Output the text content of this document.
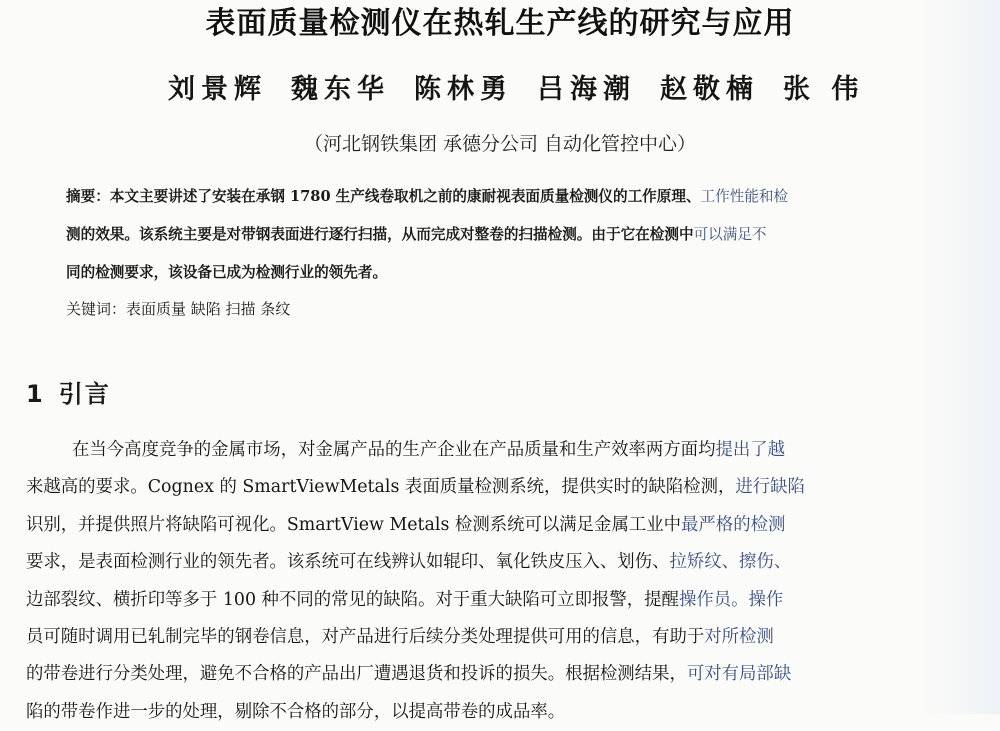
表面质量检测仪在热轧生产线的研究与应用
刘景辉 魏东华 陈林勇 吕海潮 赵敬楠 张 伟
（河北钢铁集团 承德分公司 自动化管控中心）
摘要：本文主要讲述了安装在承钢 1780 生产线卷取机之前的康耐视表面质量检测仪的工作原理、工作性能和检
测的效果。该系统主要是对带钢表面进行逐行扫描，从而完成对整卷的扫描检测。由于它在检测中可以满足不
同的检测要求，该设备已成为检测行业的领先者。
关键词：表面质量 缺陷 扫描 条纹
1 引言
在当今高度竞争的金属市场，对金属产品的生产企业在产品质量和生产效率两方面均提出了越
来越高的要求。Cognex 的 SmartViewMetals 表面质量检测系统，提供实时的缺陷检测，进行缺陷
识别，并提供照片将缺陷可视化。SmartView Metals 检测系统可以满足金属工业中最严格的检测
要求，是表面检测行业的领先者。该系统可在线辨认如辊印、氧化铁皮压入、划伤、拉矫纹、擦伤、
边部裂纹、横折印等多于 100 种不同的常见的缺陷。对于重大缺陷可立即报警，提醒操作员。操作
员可随时调用已轧制完毕的钢卷信息，对产品进行后续分类处理提供可用的信息，有助于对所检测
的带卷进行分类处理，避免不合格的产品出厂遭遇退货和投诉的损失。根据检测结果，可对有局部缺
陷的带卷作进一步的处理，剔除不合格的部分，以提高带卷的成品率。
